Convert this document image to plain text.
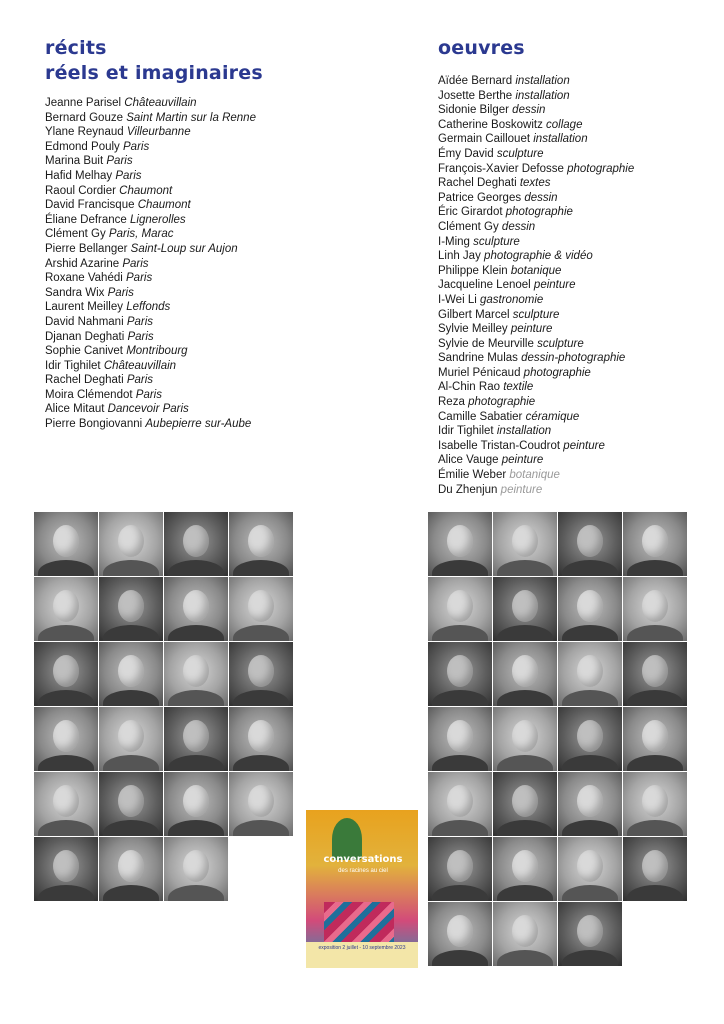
récits
réels et imaginaires
Jeanne Parisel Châteauvillain
Bernard Gouze Saint Martin sur la Renne
Ylane Reynaud Villeurbanne
Edmond Pouly Paris
Marina Buit Paris
Hafid Melhay Paris
Raoul Cordier Chaumont
David Francisque Chaumont
Éliane Defrance Lignerolles
Clément Gy Paris, Marac
Pierre Bellanger Saint-Loup sur Aujon
Arshid Azarine Paris
Roxane Vahédi Paris
Sandra Wix Paris
Laurent Meilley Leffonds
David Nahmani Paris
Djanan Deghati Paris
Sophie Canivet Montribourg
Idir Tighilet Châteauvillain
Rachel Deghati Paris
Moira Clémendot Paris
Alice Mitaut Dancevoir Paris
Pierre Bongiovanni Aubepierre sur-Aube
oeuvres
Aïdée Bernard installation
Josette Berthe installation
Sidonie Bilger dessin
Catherine Boskowitz collage
Germain Caillouet installation
Émy David sculpture
François-Xavier Defosse photographie
Rachel Deghati textes
Patrice Georges dessin
Éric Girardot photographie
Clément Gy dessin
I-Ming sculpture
Linh Jay photographie & vidéo
Philippe Klein botanique
Jacqueline Lenoel peinture
I-Wei Li gastronomie
Gilbert Marcel sculpture
Sylvie Meilley peinture
Sylvie de Meurville sculpture
Sandrine Mulas dessin-photographie
Muriel Pénicaud photographie
Al-Chin Rao textile
Reza photographie
Camille Sabatier céramique
Idir Tighilet installation
Isabelle Tristan-Coudrot peinture
Alice Vauge peinture
Émilie Weber botanique
Du Zhenjun peinture
conversations
des racines au ciel
exposition 2 juillet - 10 septembre 2023
